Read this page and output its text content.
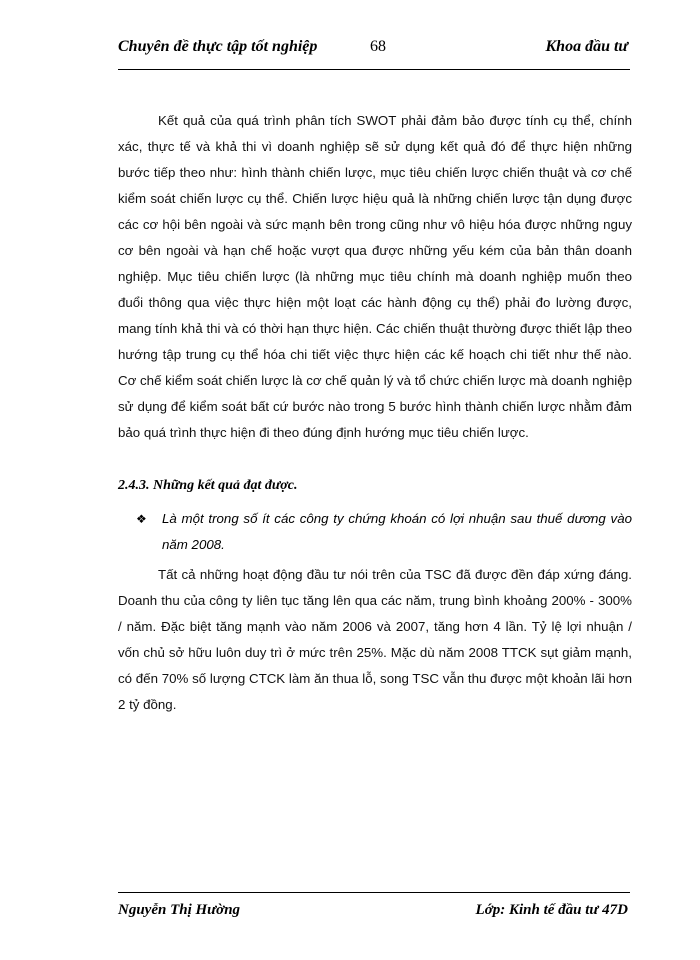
Chuyên đề thực tập tốt nghiệp	68	Khoa đầu tư

Kết quả của quá trình phân tích SWOT phải đảm bảo được tính cụ thể, chính xác, thực tế và khả thi vì doanh nghiệp sẽ sử dụng kết quả đó để thực hiện những bước tiếp theo như: hình thành chiến lược, mục tiêu chiến lược chiến thuật và cơ chế kiểm soát chiến lược cụ thể. Chiến lược hiệu quả là những chiến lược tận dụng được các cơ hội bên ngoài và sức mạnh bên trong cũng như vô hiệu hóa được những nguy cơ bên ngoài và hạn chế hoặc vượt qua được những yếu kém của bản thân doanh nghiệp. Mục tiêu chiến lược (là những mục tiêu chính mà doanh nghiệp muốn theo đuổi thông qua việc thực hiện một loạt các hành động cụ thể) phải đo lường được, mang tính khả thi và có thời hạn thực hiện. Các chiến thuật thường được thiết lập theo hướng tập trung cụ thể hóa chi tiết việc thực hiện các kế hoạch chi tiết như thế nào. Cơ chế kiểm soát chiến lược là cơ chế quản lý và tổ chức chiến lược mà doanh nghiệp sử dụng để kiểm soát bất cứ bước nào trong 5 bước hình thành chiến lược nhằm đảm bảo quá trình thực hiện đi theo đúng định hướng mục tiêu chiến lược.

2.4.3. Những kết quả đạt được.
❖ Là một trong số ít các công ty chứng khoán có lợi nhuận sau thuế dương vào năm 2008.

Tất cả những hoạt động đầu tư nói trên của TSC đã được đền đáp xứng đáng. Doanh thu của công ty liên tục tăng lên qua các năm, trung bình khoảng 200% - 300% / năm. Đặc biệt tăng mạnh vào năm 2006 và 2007, tăng hơn 4 lần. Tỷ lệ lợi nhuận / vốn chủ sở hữu luôn duy trì ở mức trên 25%. Mặc dù năm 2008 TTCK sụt giảm mạnh, có đến 70% số lượng CTCK làm ăn thua lỗ, song TSC vẫn thu được một khoản lãi hơn 2 tỷ đồng.

Nguyễn Thị Hường	Lớp: Kinh tế đầu tư 47D
